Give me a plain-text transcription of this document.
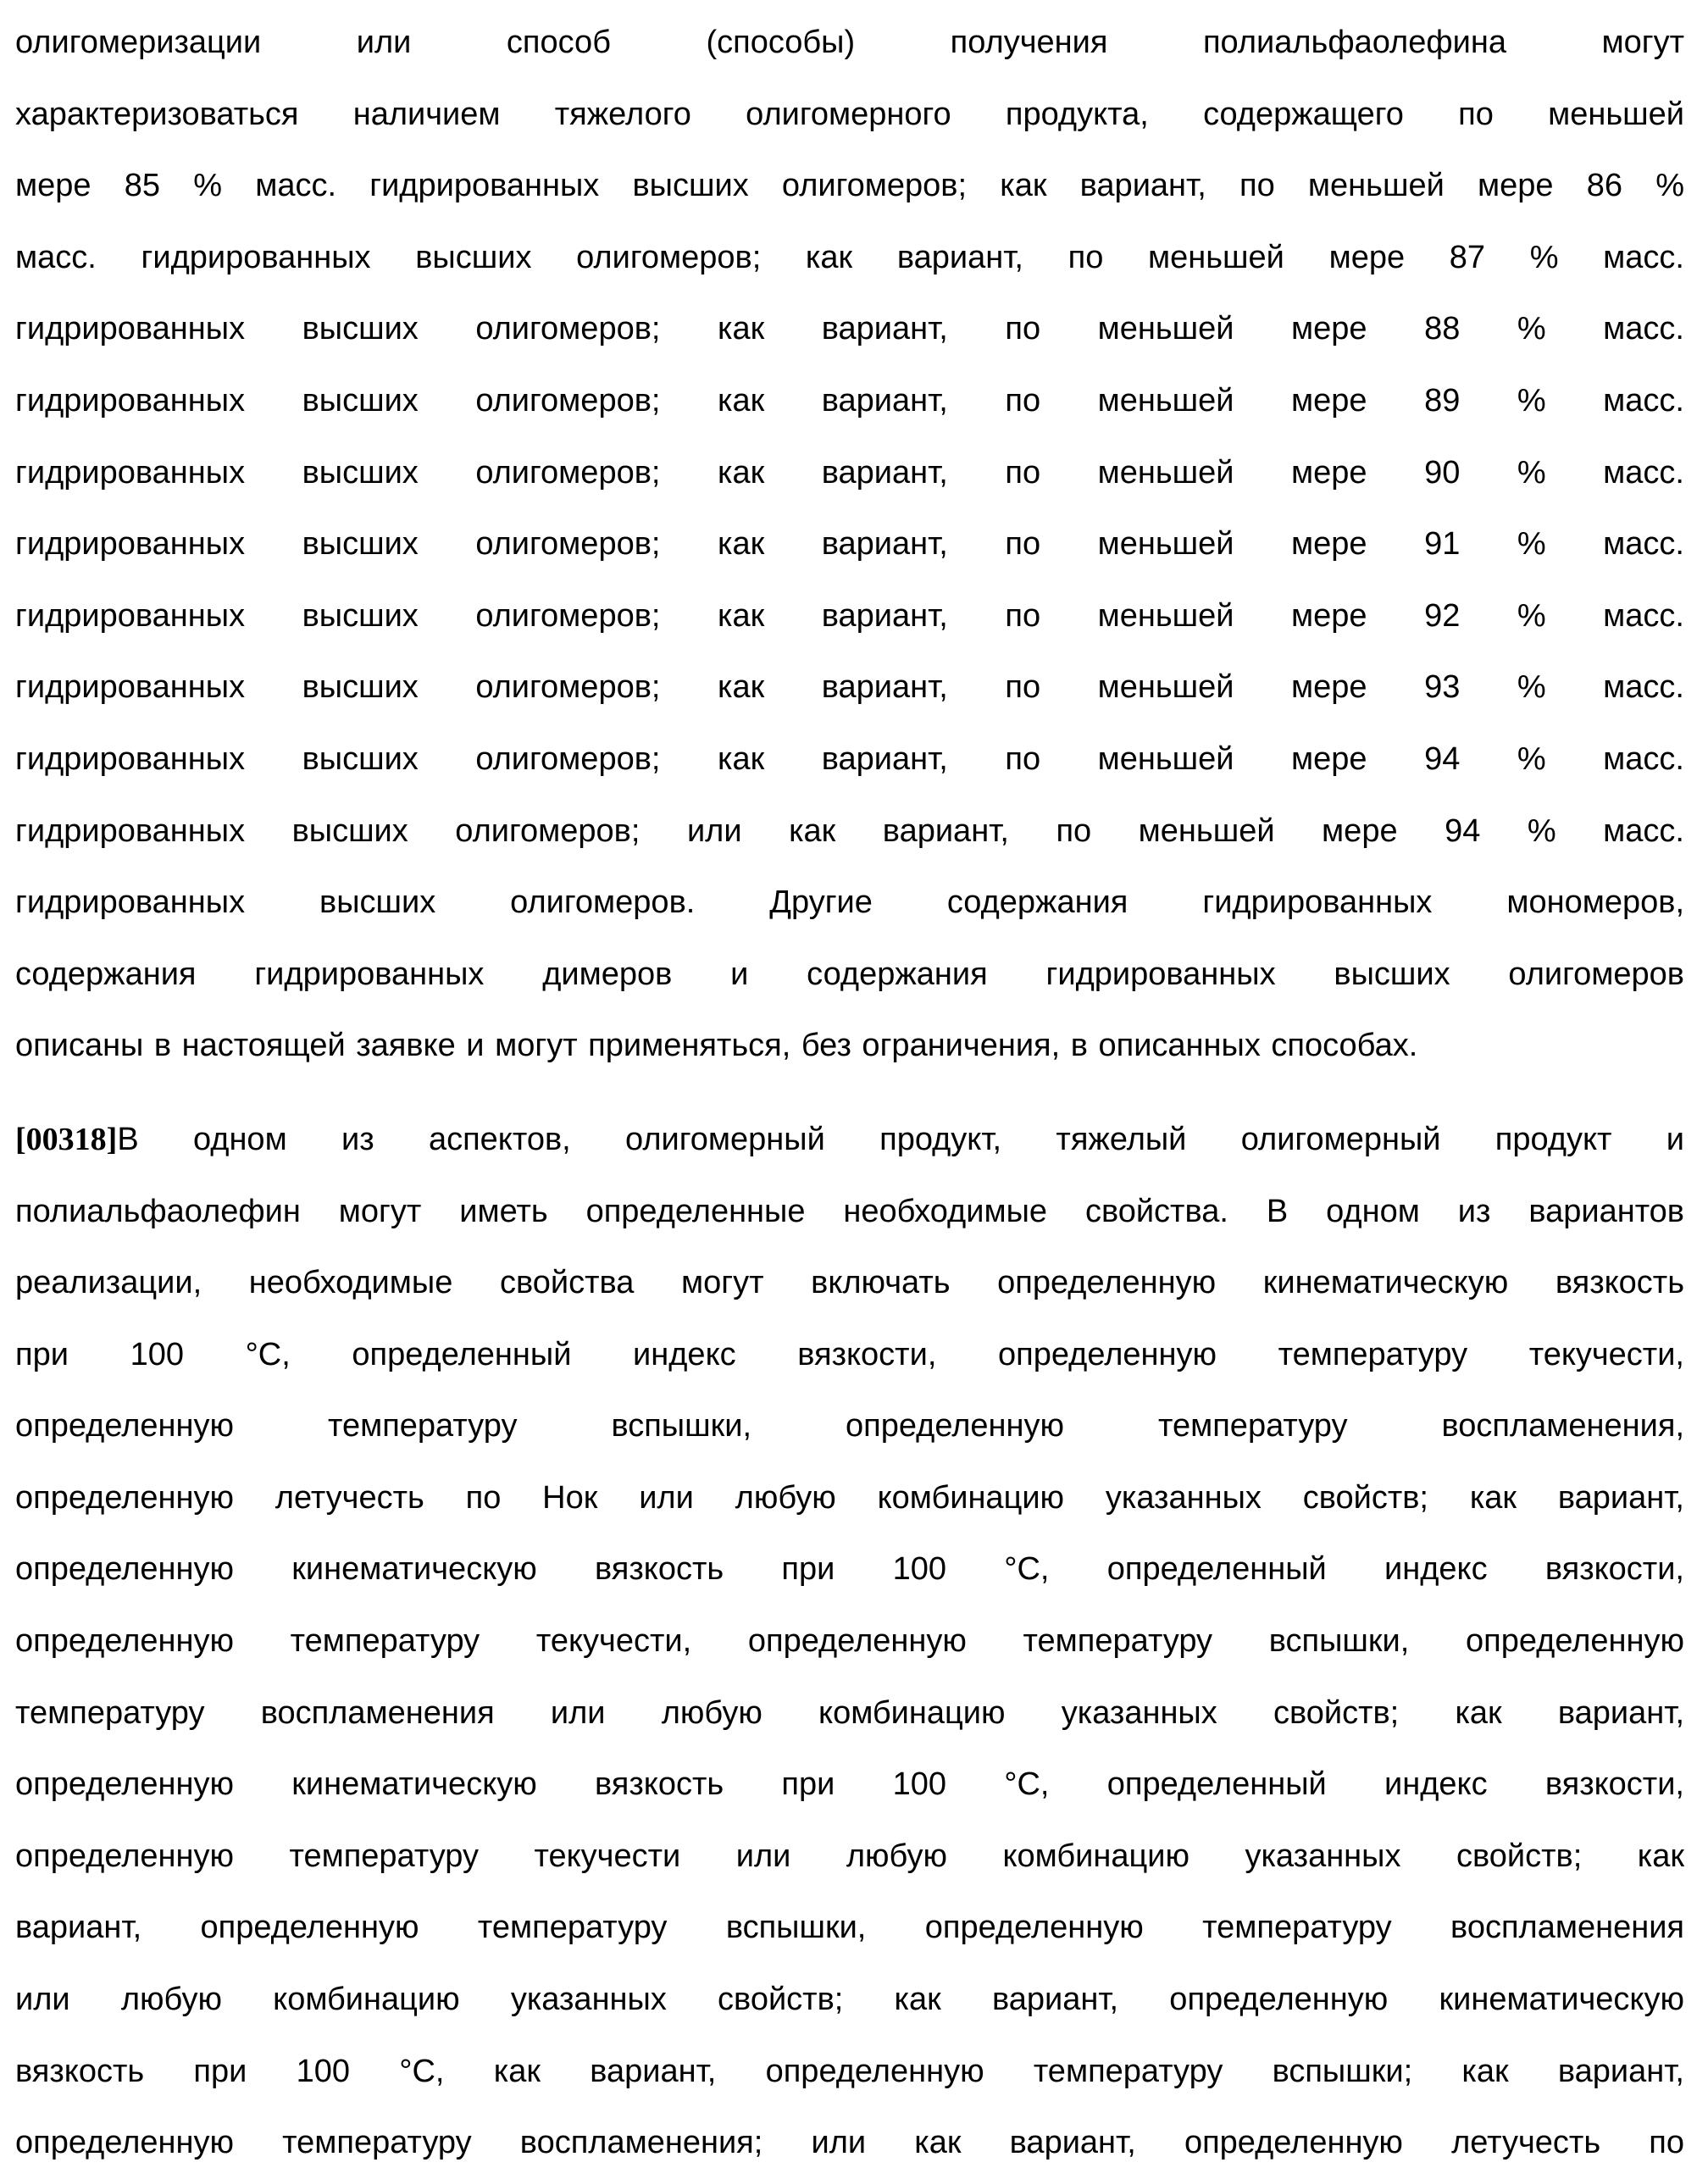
олигомеризации или способ (способы) получения полиальфаолефина могут
характеризоваться наличием тяжелого олигомерного продукта, содержащего по меньшей
мере 85 % масс. гидрированных высших олигомеров; как вариант, по меньшей мере 86 %
масс. гидрированных высших олигомеров; как вариант, по меньшей мере 87 % масс.
гидрированных высших олигомеров; как вариант, по меньшей мере 88 % масс.
гидрированных высших олигомеров; как вариант, по меньшей мере 89 % масс.
гидрированных высших олигомеров; как вариант, по меньшей мере 90 % масс.
гидрированных высших олигомеров; как вариант, по меньшей мере 91 % масс.
гидрированных высших олигомеров; как вариант, по меньшей мере 92 % масс.
гидрированных высших олигомеров; как вариант, по меньшей мере 93 % масс.
гидрированных высших олигомеров; как вариант, по меньшей мере 94 % масс.
гидрированных высших олигомеров; или как вариант, по меньшей мере 94 % масс.
гидрированных высших олигомеров. Другие содержания гидрированных мономеров,
содержания гидрированных димеров и содержания гидрированных высших олигомеров
описаны в настоящей заявке и могут применяться, без ограничения, в описанных способах.
[00318]В одном из аспектов, олигомерный продукт, тяжелый олигомерный продукт и
полиальфаолефин могут иметь определенные необходимые свойства. В одном из вариантов
реализации, необходимые свойства могут включать определенную кинематическую вязкость
при 100 °C, определенный индекс вязкости, определенную температуру текучести,
определенную температуру вспышки, определенную температуру воспламенения,
определенную летучесть по Нок или любую комбинацию указанных свойств; как вариант,
определенную кинематическую вязкость при 100 °C, определенный индекс вязкости,
определенную температуру текучести, определенную температуру вспышки, определенную
температуру воспламенения или любую комбинацию указанных свойств; как вариант,
определенную кинематическую вязкость при 100 °C, определенный индекс вязкости,
определенную температуру текучести или любую комбинацию указанных свойств; как
вариант, определенную температуру вспышки, определенную температуру воспламенения
или любую комбинацию указанных свойств; как вариант, определенную кинематическую
вязкость при 100 °C, как вариант, определенную температуру вспышки; как вариант,
определенную температуру воспламенения; или как вариант, определенную летучесть по
